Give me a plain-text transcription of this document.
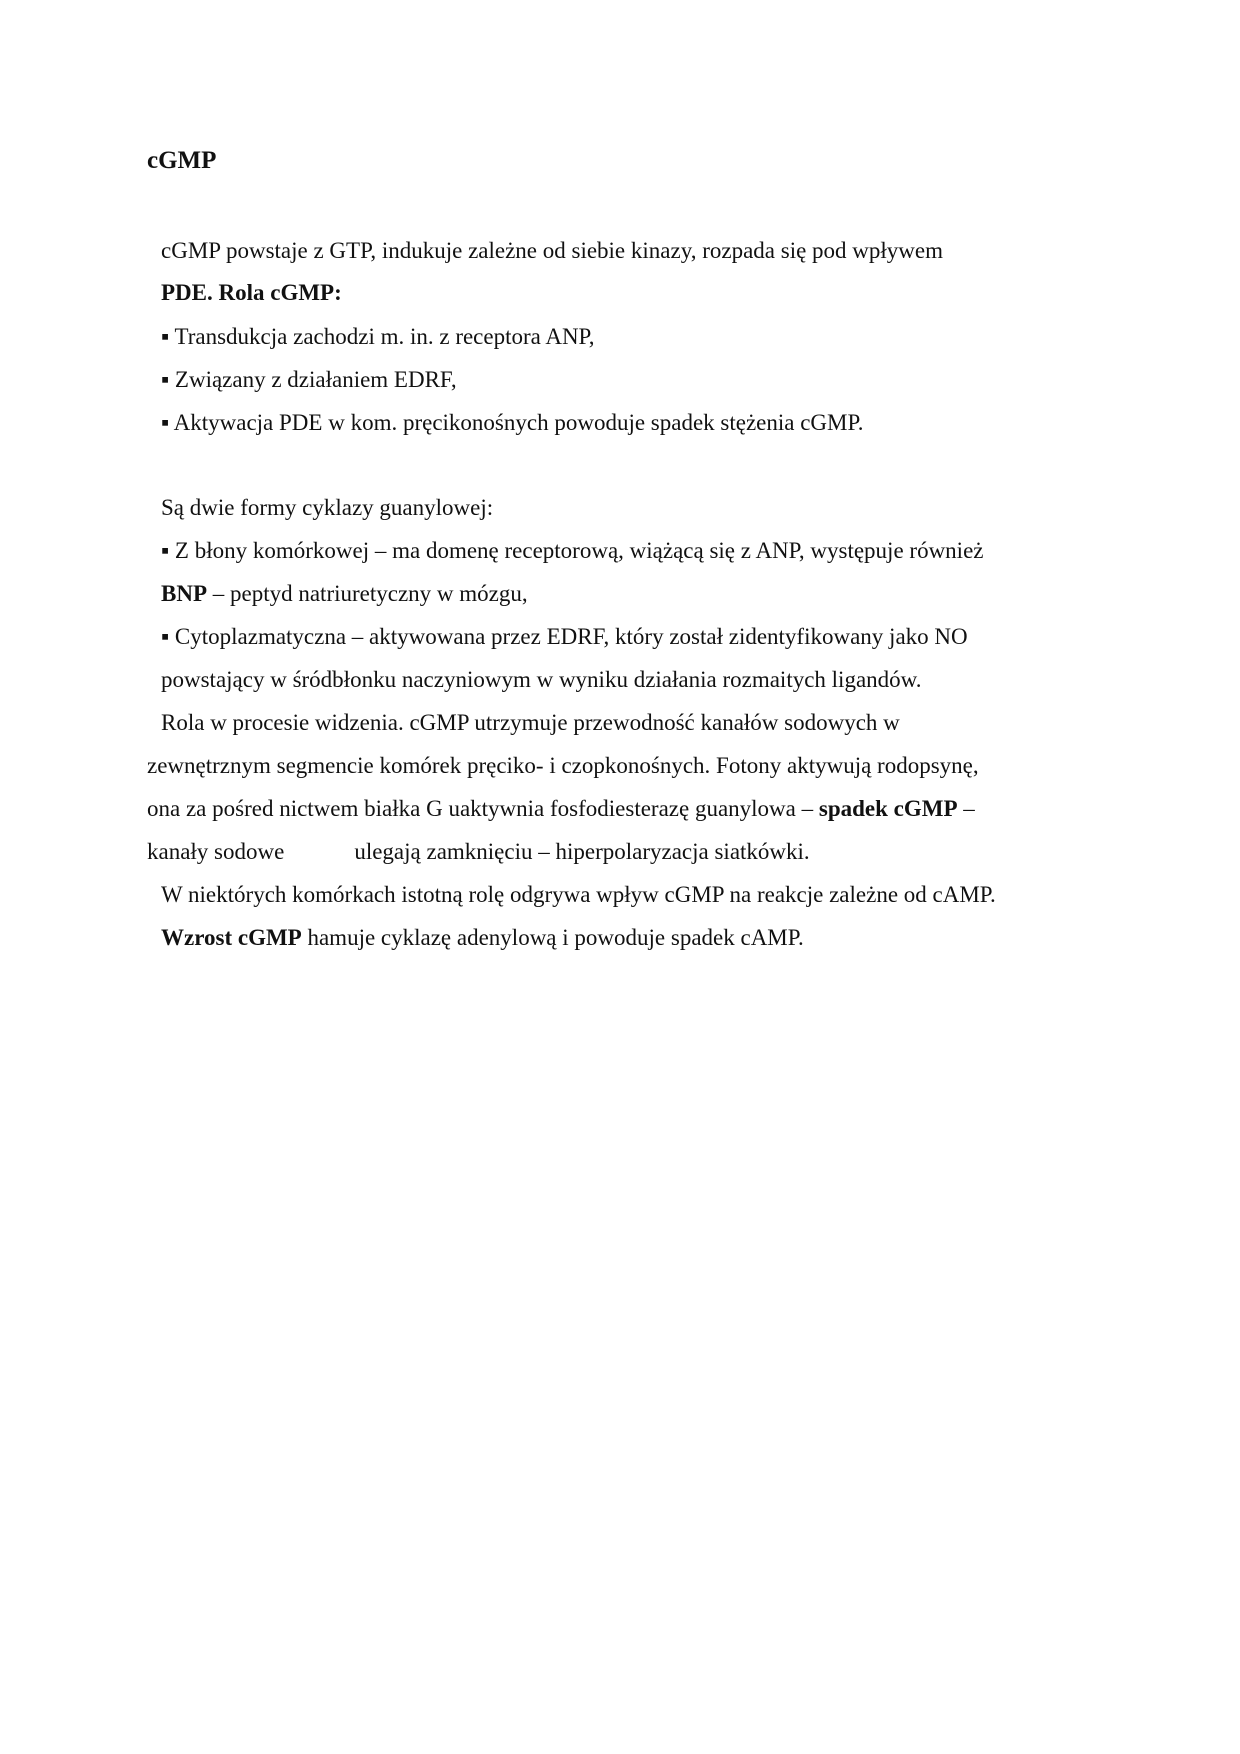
cGMP

cGMP powstaje z GTP, indukuje zależne od siebie kinazy, rozpada się pod wpływem

PDE. Rola cGMP:

▪ Transdukcja zachodzi m. in. z receptora ANP,

▪ Związany z działaniem EDRF,

▪ Aktywacja PDE w kom. pręcikonośnych powoduje spadek stężenia cGMP.

Są dwie formy cyklazy guanylowej:

▪ Z błony komórkowej – ma domenę receptorową, wiążącą się z ANP, występuje również

BNP – peptyd natriuretyczny w mózgu,

▪ Cytoplazmatyczna – aktywowana przez EDRF, który został zidentyfikowany jako NO

powstający w śródbłonku naczyniowym w wyniku działania rozmaitych ligandów.

Rola w procesie widzenia. cGMP utrzymuje przewodność kanałów sodowych w

zewnętrznym segmencie komórek pręciko- i czopkonośnych. Fotony aktywują rodopsynę,

ona za pośred nictwem białka G uaktywnia fosfodiesterazę guanylowa – spadek cGMP –

kanały sodowe	ulegają zamknięciu – hiperpolaryzacja siatkówki.

W niektórych komórkach istotną rolę odgrywa wpływ cGMP na reakcje zależne od cAMP.

Wzrost cGMP hamuje cyklazę adenylową i powoduje spadek cAMP.
